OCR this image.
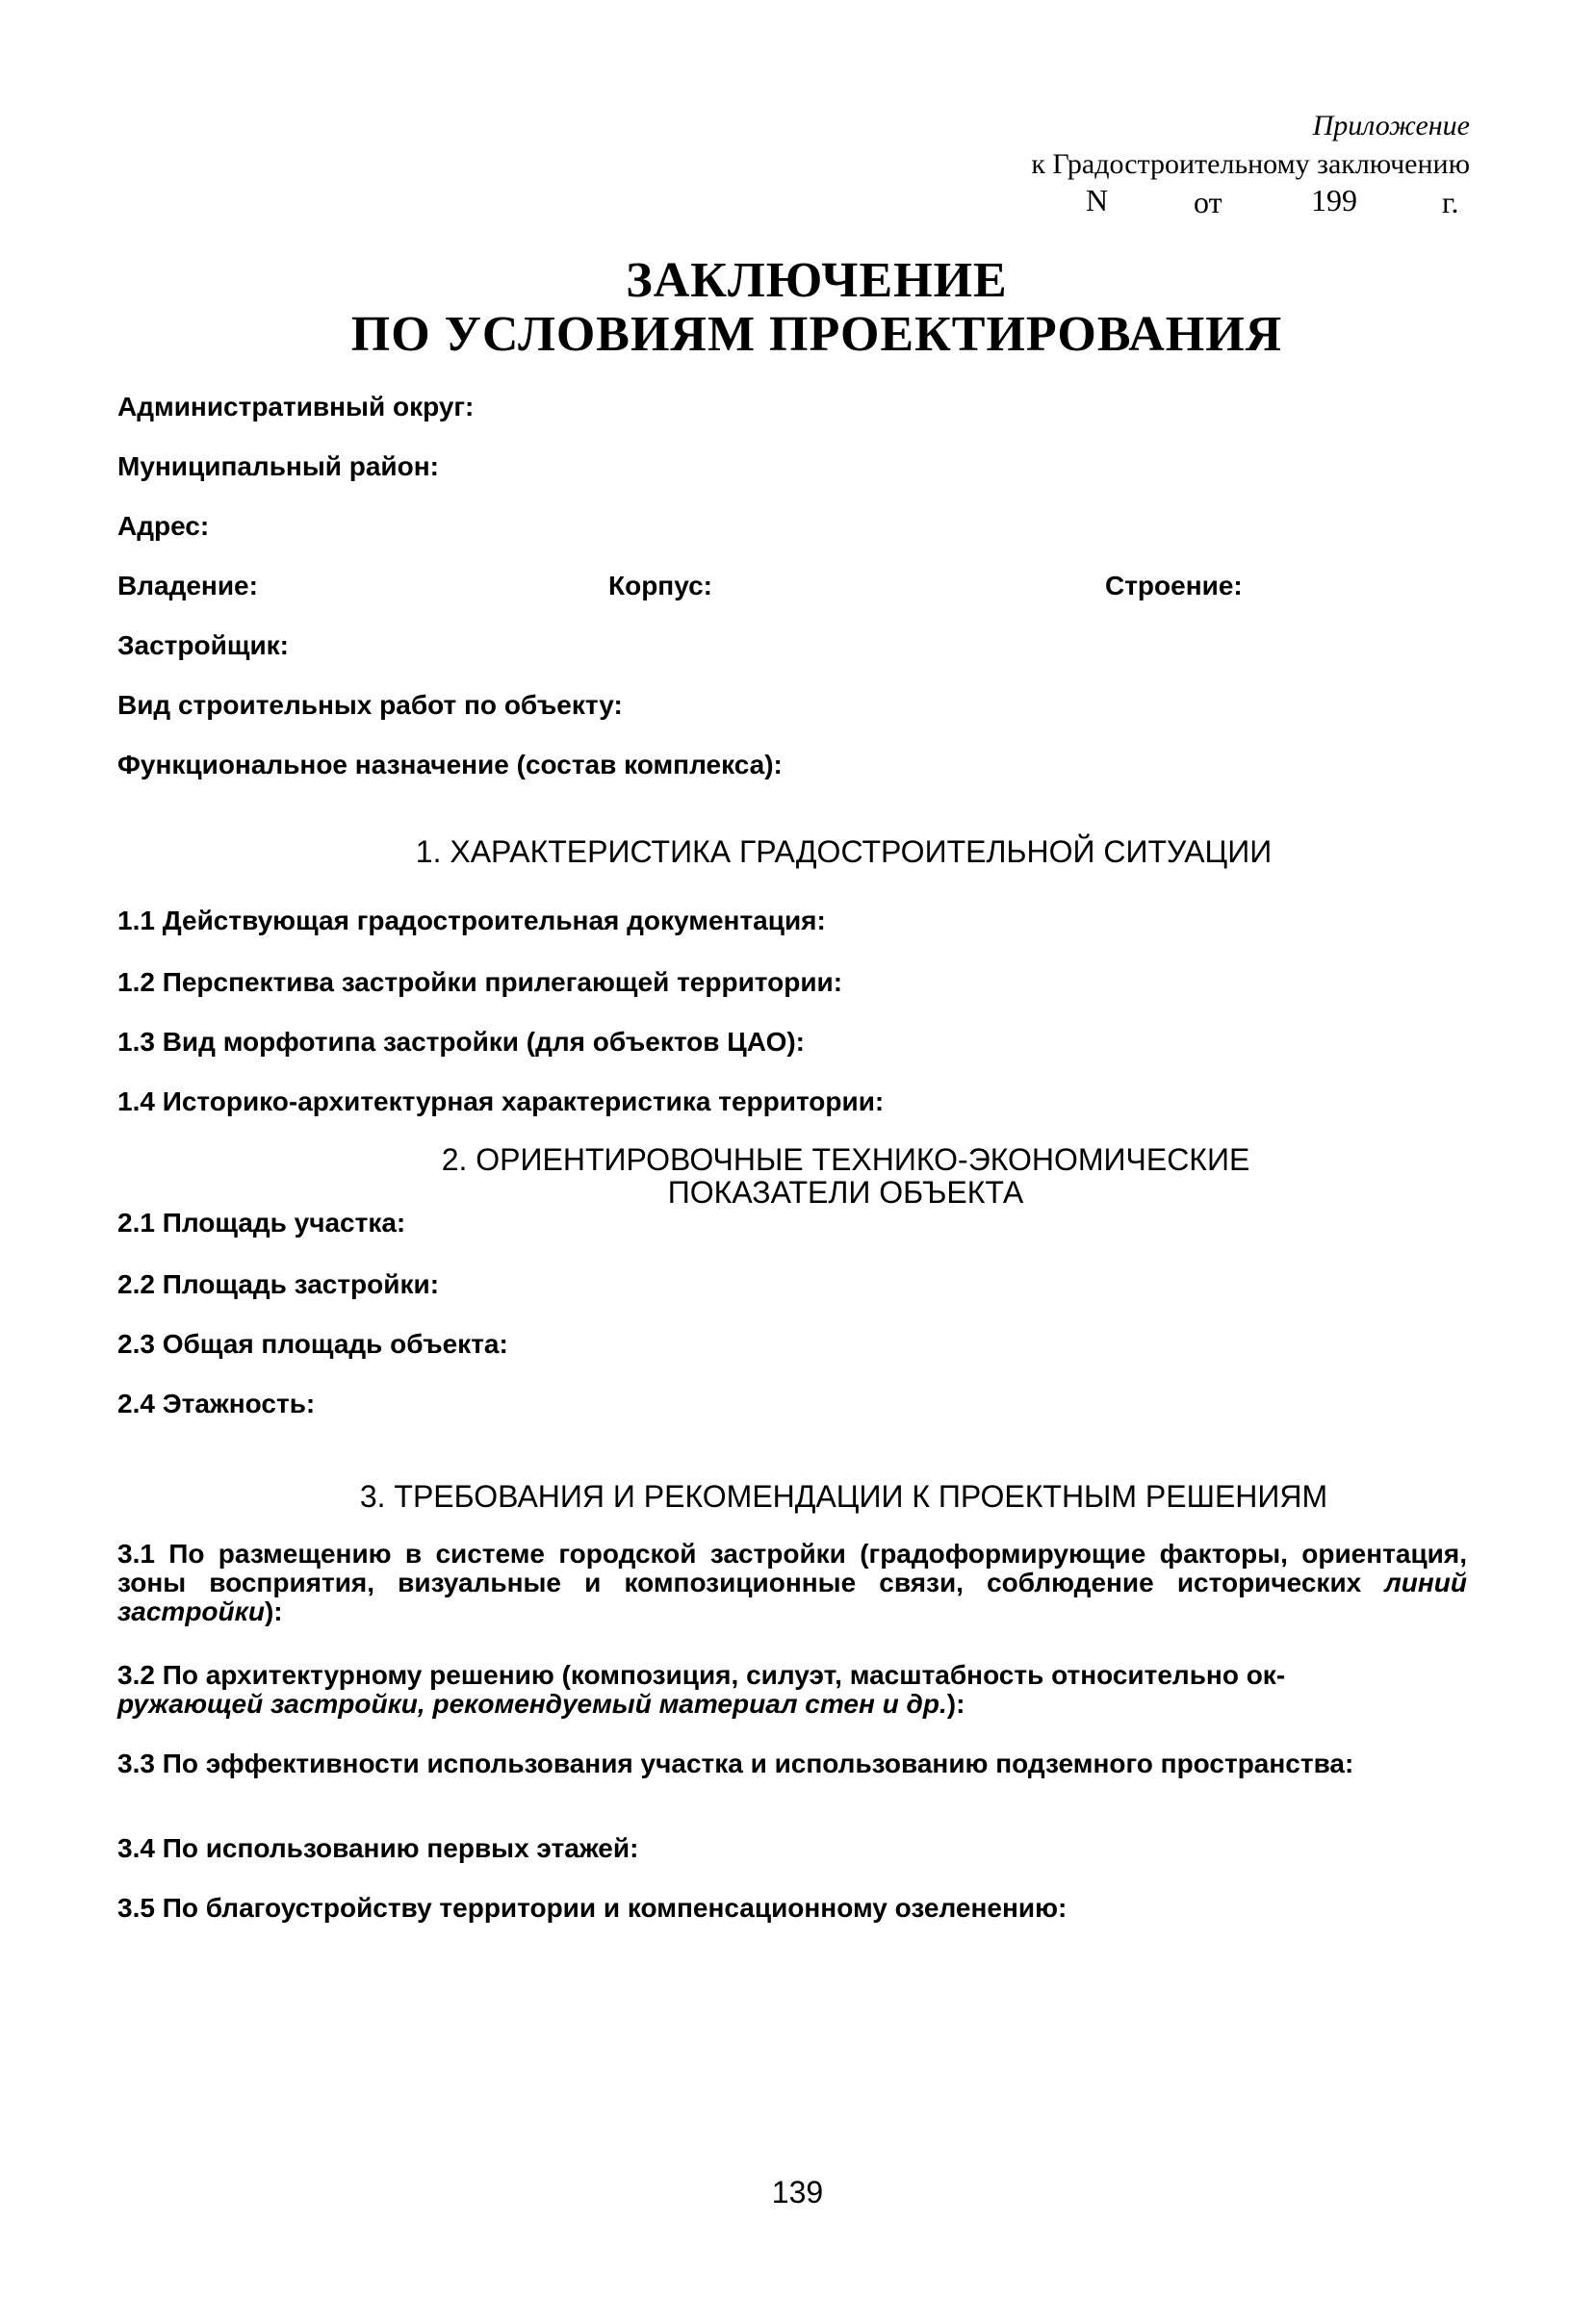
Приложение
к Градостроительному заключению
N	от	199	г.
ЗАКЛЮЧЕНИЕ
ПО УСЛОВИЯМ ПРОЕКТИРОВАНИЯ
Административный округ:
Муниципальный район:
Адрес:
Владение:	Корпус:	Строение:
Застройщик:
Вид строительных работ по объекту:
Функциональное назначение (состав комплекса):
1. ХАРАКТЕРИСТИКА ГРАДОСТРОИТЕЛЬНОЙ СИТУАЦИИ
1.1 Действующая градостроительная документация:
1.2 Перспектива застройки прилегающей территории:
1.3 Вид морфотипа застройки (для объектов ЦАО):
1.4 Историко-архитектурная характеристика территории:
2. ОРИЕНТИРОВОЧНЫЕ ТЕХНИКО-ЭКОНОМИЧЕСКИЕ
ПОКАЗАТЕЛИ ОБЪЕКТА
2.1 Площадь участка:
2.2 Площадь застройки:
2.3 Общая площадь объекта:
2.4 Этажность:
3. ТРЕБОВАНИЯ И РЕКОМЕНДАЦИИ К ПРОЕКТНЫМ РЕШЕНИЯМ
3.1 По размещению в системе городской застройки (градоформирующие факторы, ориентация, зоны восприятия, визуальные и композиционные связи, соблюдение исторических линий застройки):
3.2 По архитектурному решению (композиция, силуэт, масштабность относительно ок-
ружающей застройки, рекомендуемый материал стен и др.):
3.3 По эффективности использования участка и использованию подземного пространства:
3.4 По использованию первых этажей:
3.5 По благоустройству территории и компенсационному озеленению:
139
